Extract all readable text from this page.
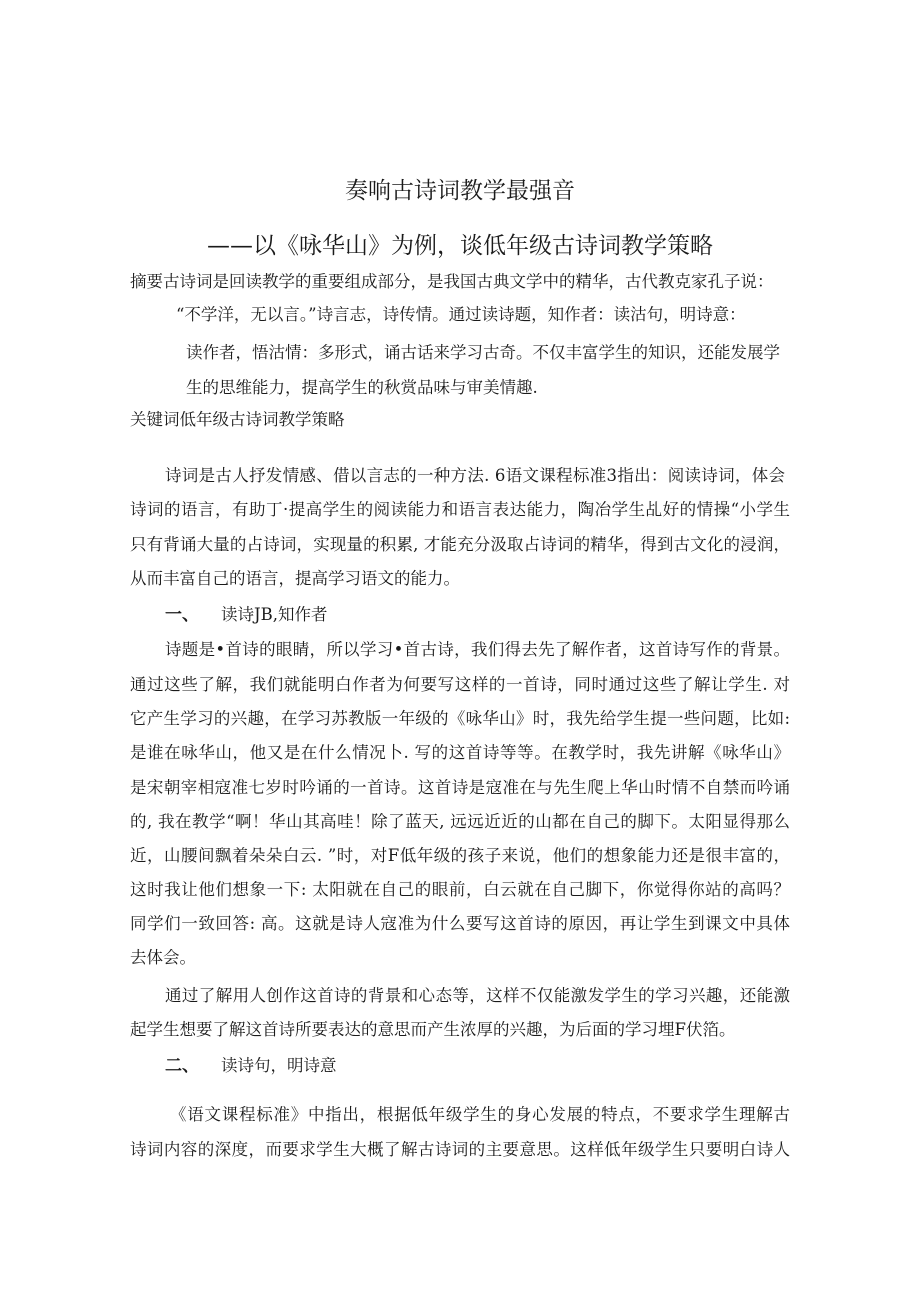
奏响古诗词教学最强音
——以《咏华山》为例，谈低年级古诗词教学策略
摘要古诗词是回读教学的重要组成部分，是我国古典文学中的精华，古代教克家孔子说：
“不学洋，无以言。”诗言志，诗传情。通过读诗题，知作者：读沽句，明诗意：
读作者，悟沽情：多形式，诵古话来学习古奇。不仅丰富学生的知识，还能发展学
生的思维能力，提高学生的秋赏品味与审美情趣.
关键词低年级古诗词教学策略
诗词是古人抒发情感、借以言志的一种方法. 6语文课程标准3指出：阅读诗词，体会
诗词的语言，有助丁·提高学生的阅读能力和语言表达能力，陶冶学生乩好的情操“小学生
只有背诵大量的占诗词，实现量的积累, 才能充分汲取占诗词的精华，得到古文化的浸润，
从而丰富自己的语言，提高学习语文的能力。
一、 读诗JB,知作者
诗题是•首诗的眼睛，所以学习•首古诗，我们得去先了解作者，这首诗写作的背景。
通过这些了解，我们就能明白作者为何要写这样的一首诗，同时通过这些了解让学生. 对
它产生学习的兴趣，在学习苏教版一年级的《咏华山》时，我先给学生提一些问题，比如:
是谁在咏华山，他又是在什么情况卜. 写的这首诗等等。在教学时，我先讲解《咏华山》
是宋朝宰相寇准七岁时吟诵的一首诗。这首诗是寇准在与先生爬上华山时情不自禁而吟诵
的, 我在教学“啊！华山其高哇！除了蓝天, 远远近近的山都在自己的脚下。太阳显得那么
近，山腰间飘着朵朵白云. ”时，对F低年级的孩子来说，他们的想象能力还是很丰富的，
这时我让他们想象一下: 太阳就在自己的眼前，白云就在自己脚下，你觉得你站的高吗？
同学们一致回答: 高。这就是诗人寇准为什么要写这首诗的原因，再让学生到课文中具体
去体会。
通过了解用人创作这首诗的背景和心态等，这样不仅能激发学生的学习兴趣，还能激
起学生想要了解这首诗所要表达的意思而产生浓厚的兴趣，为后面的学习埋F伏箔。
二、 读诗句，明诗意
《语文课程标准》中指出，根据低年级学生的身心发展的特点，不要求学生理解古
诗词内容的深度，而要求学生大概了解古诗词的主要意思。这样低年级学生只要明白诗人
